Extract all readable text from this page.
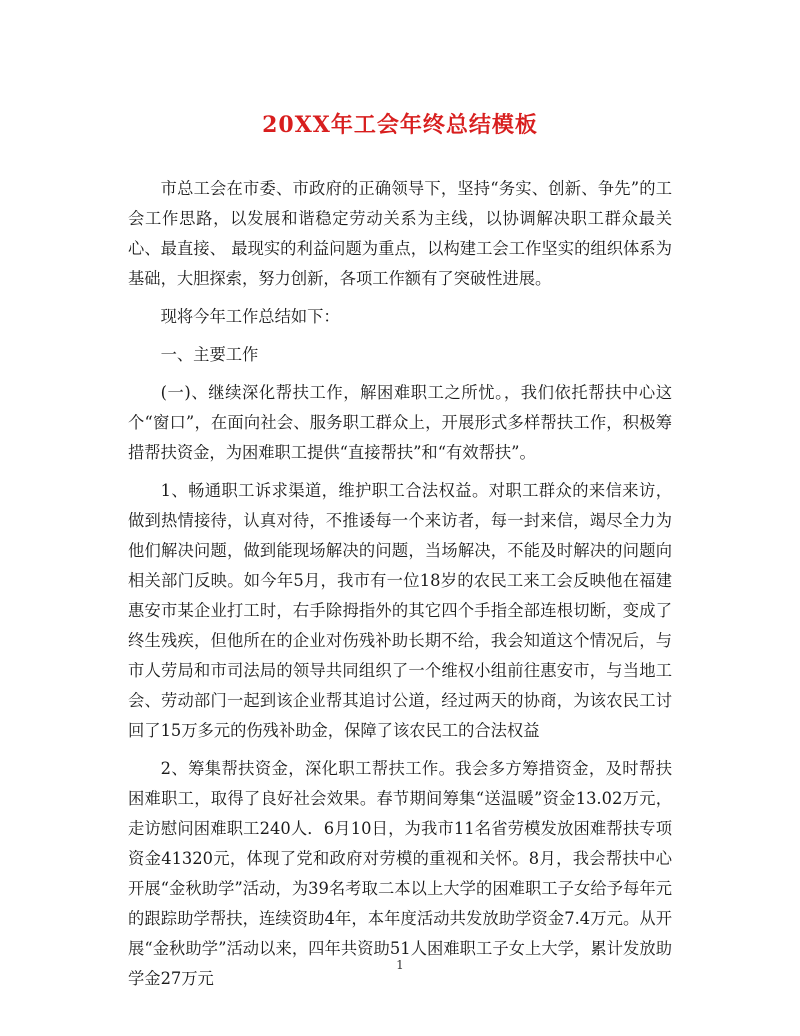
20XX年工会年终总结模板

市总工会在市委、市政府的正确领导下，坚持“务实、创新、争先”的工会工作思路，以发展和谐稳定劳动关系为主线，以协调解决职工群众最关心、最直接、 最现实的利益问题为重点，以构建工会工作坚实的组织体系为基础，大胆探索，努力创新，各项工作额有了突破性进展。

现将今年工作总结如下：

一、主要工作

(一)、继续深化帮扶工作，解困难职工之所忧。，我们依托帮扶中心这个“窗口”，在面向社会、服务职工群众上，开展形式多样帮扶工作，积极筹措帮扶资金，为困难职工提供“直接帮扶”和“有效帮扶”。

1、畅通职工诉求渠道，维护职工合法权益。对职工群众的来信来访，做到热情接待，认真对待，不推诿每一个来访者，每一封来信，竭尽全力为他们解决问题，做到能现场解决的问题，当场解决，不能及时解决的问题向相关部门反映。如今年5月，我市有一位18岁的农民工来工会反映他在福建惠安市某企业打工时，右手除拇指外的其它四个手指全部连根切断，变成了终生残疾，但他所在的企业对伤残补助长期不给，我会知道这个情况后，与市人劳局和市司法局的领导共同组织了一个维权小组前往惠安市，与当地工会、劳动部门一起到该企业帮其追讨公道，经过两天的协商，为该农民工讨回了15万多元的伤残补助金，保障了该农民工的合法权益

2、筹集帮扶资金，深化职工帮扶工作。我会多方筹措资金，及时帮扶困难职工，取得了良好社会效果。春节期间筹集“送温暖”资金13.02万元，走访慰问困难职工240人．6月10日，为我市11名省劳模发放困难帮扶专项资金41320元，体现了党和政府对劳模的重视和关怀。8月，我会帮扶中心开展“金秋助学”活动，为39名考取二本以上大学的困难职工子女给予每年元的跟踪助学帮扶，连续资助4年，本年度活动共发放助学资金7.4万元。从开展“金秋助学”活动以来，四年共资助51人困难职工子女上大学，累计发放助学金27万元

1
